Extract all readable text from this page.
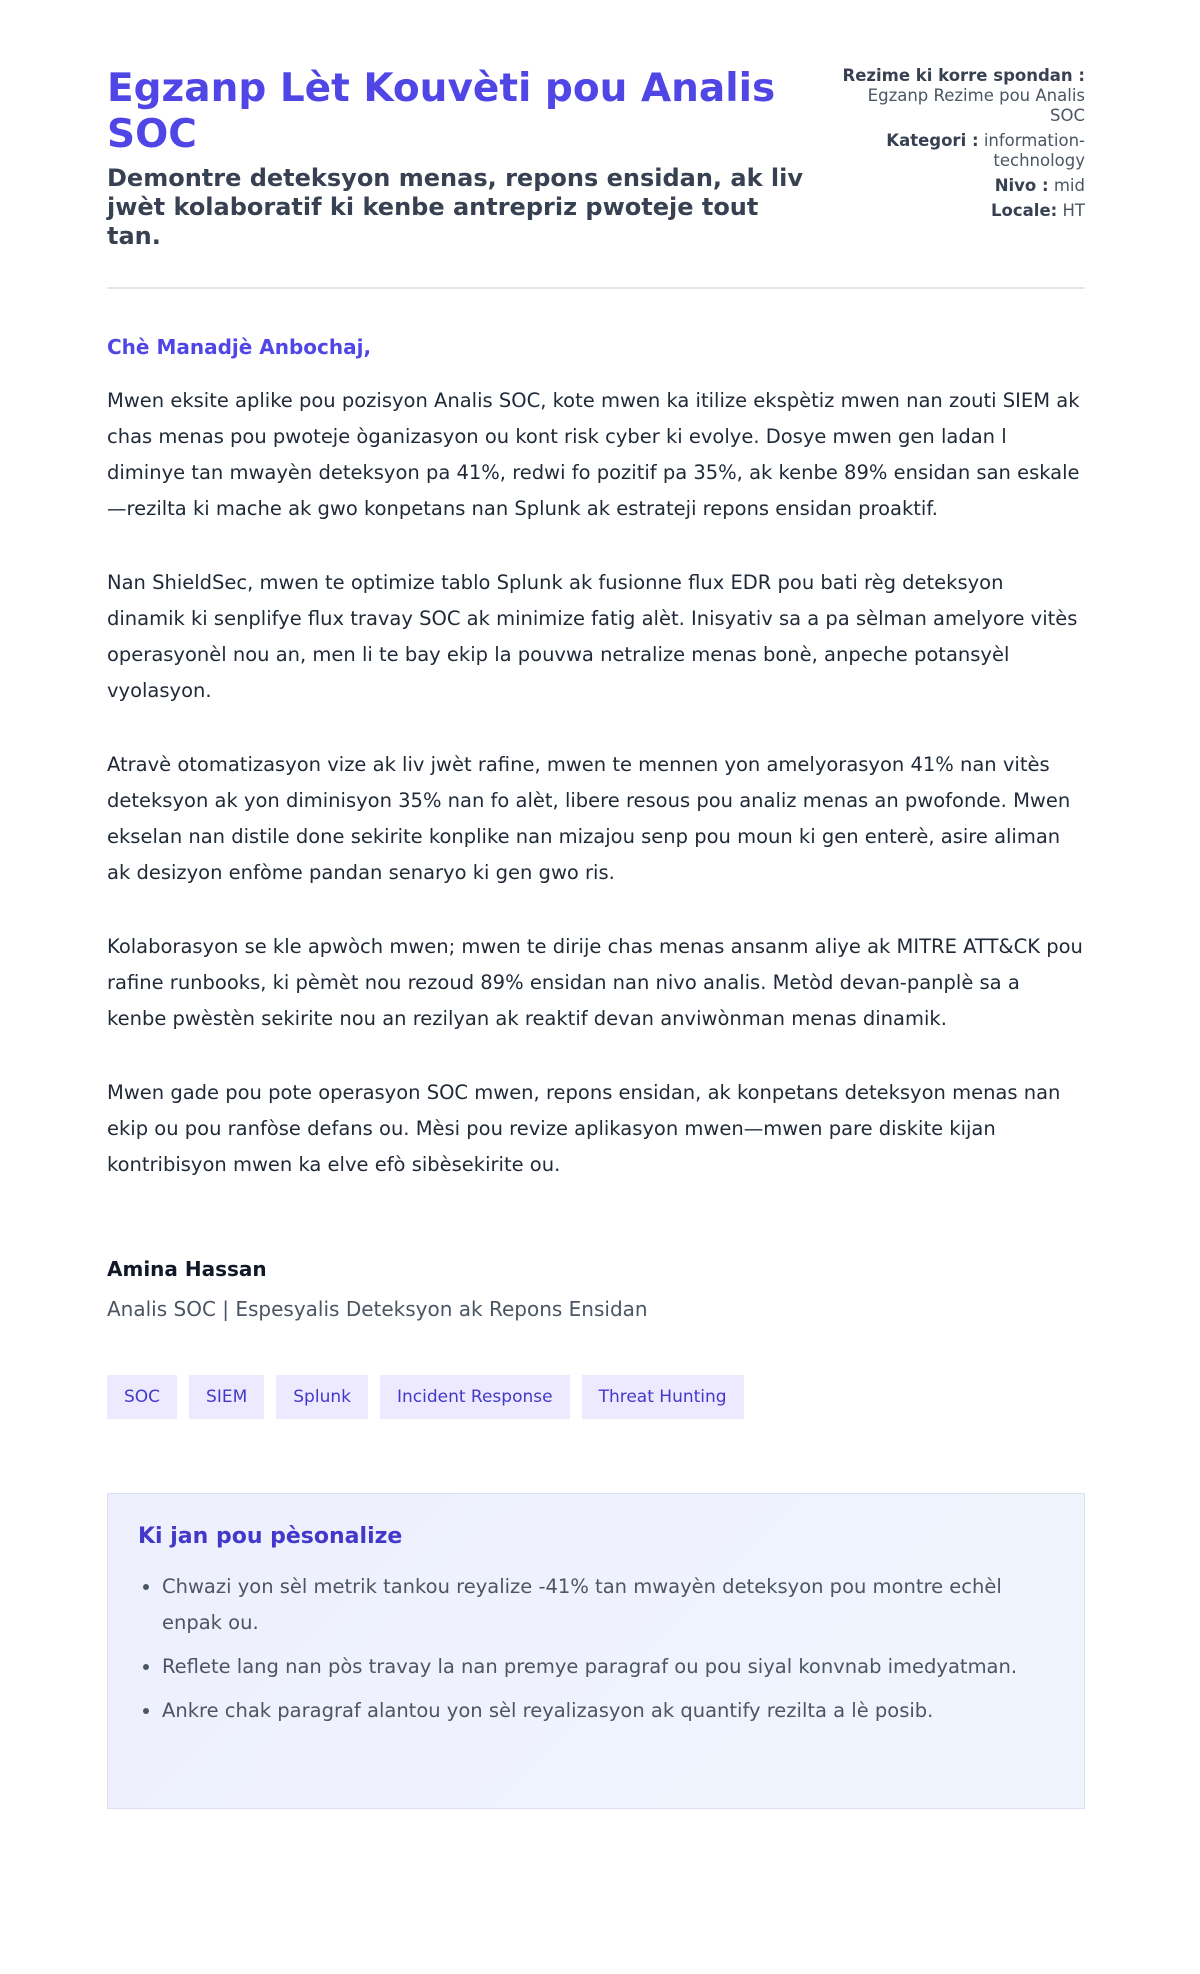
Egzanp Lèt Kouvèti pou Analis SOC

Demontre deteksyon menas, repons ensidan, ak liv jwèt kolaboratif ki kenbe antrepriz pwoteje tout tan.

Rezime ki korre spondan : Egzanp Rezime pou Analis SOC
Kategori : information-technology
Nivo : mid
Locale: HT
Chè Manadjè Anbochaj,

Mwen eksite aplike pou pozisyon Analis SOC, kote mwen ka itilize ekspètiz mwen nan zouti SIEM ak chas menas pou pwoteje òganizasyon ou kont risk cyber ki evolye. Dosye mwen gen ladan l diminye tan mwayèn deteksyon pa 41%, redwi fo pozitif pa 35%, ak kenbe 89% ensidan san eskale—rezilta ki mache ak gwo konpetans nan Splunk ak estrateji repons ensidan proaktif.

Nan ShieldSec, mwen te optimize tablo Splunk ak fusionne flux EDR pou bati règ deteksyon dinamik ki senplifye flux travay SOC ak minimize fatig alèt. Inisyativ sa a pa sèlman amelyore vitès operasyonèl nou an, men li te bay ekip la pouvwa netralize menas bonè, anpeche potansyèl vyolasyon.

Atravè otomatizasyon vize ak liv jwèt rafine, mwen te mennen yon amelyorasyon 41% nan vitès deteksyon ak yon diminisyon 35% nan fo alèt, libere resous pou analiz menas an pwofonde. Mwen ekselan nan distile done sekirite konplike nan mizajou senp pou moun ki gen enterè, asire aliman ak desizyon enfòme pandan senaryo ki gen gwo ris.

Kolaborasyon se kle apwòch mwen; mwen te dirije chas menas ansanm aliye ak MITRE ATT&CK pou rafine runbooks, ki pèmèt nou rezoud 89% ensidan nan nivo analis. Metòd devan-panplè sa a kenbe pwèstèn sekirite nou an rezilyan ak reaktif devan anviwònman menas dinamik.

Mwen gade pou pote operasyon SOC mwen, repons ensidan, ak konpetans deteksyon menas nan ekip ou pou ranfòse defans ou. Mèsi pou revize aplikasyon mwen—mwen pare diskite kijan kontribisyon mwen ka elve efò sibèsekirite ou.

Amina Hassan
Analis SOC | Espesyalis Deteksyon ak Repons Ensidan
SOC	SIEM	Splunk	Incident Response	Threat Hunting
Ki jan pou pèsonalize
• Chwazi yon sèl metrik tankou reyalize -41% tan mwayèn deteksyon pou montre echèl enpak ou.
• Reflete lang nan pòs travay la nan premye paragraf ou pou siyal konvnab imedyatman.
• Ankre chak paragraf alantou yon sèl reyalizasyon ak quantify rezilta a lè posib.
